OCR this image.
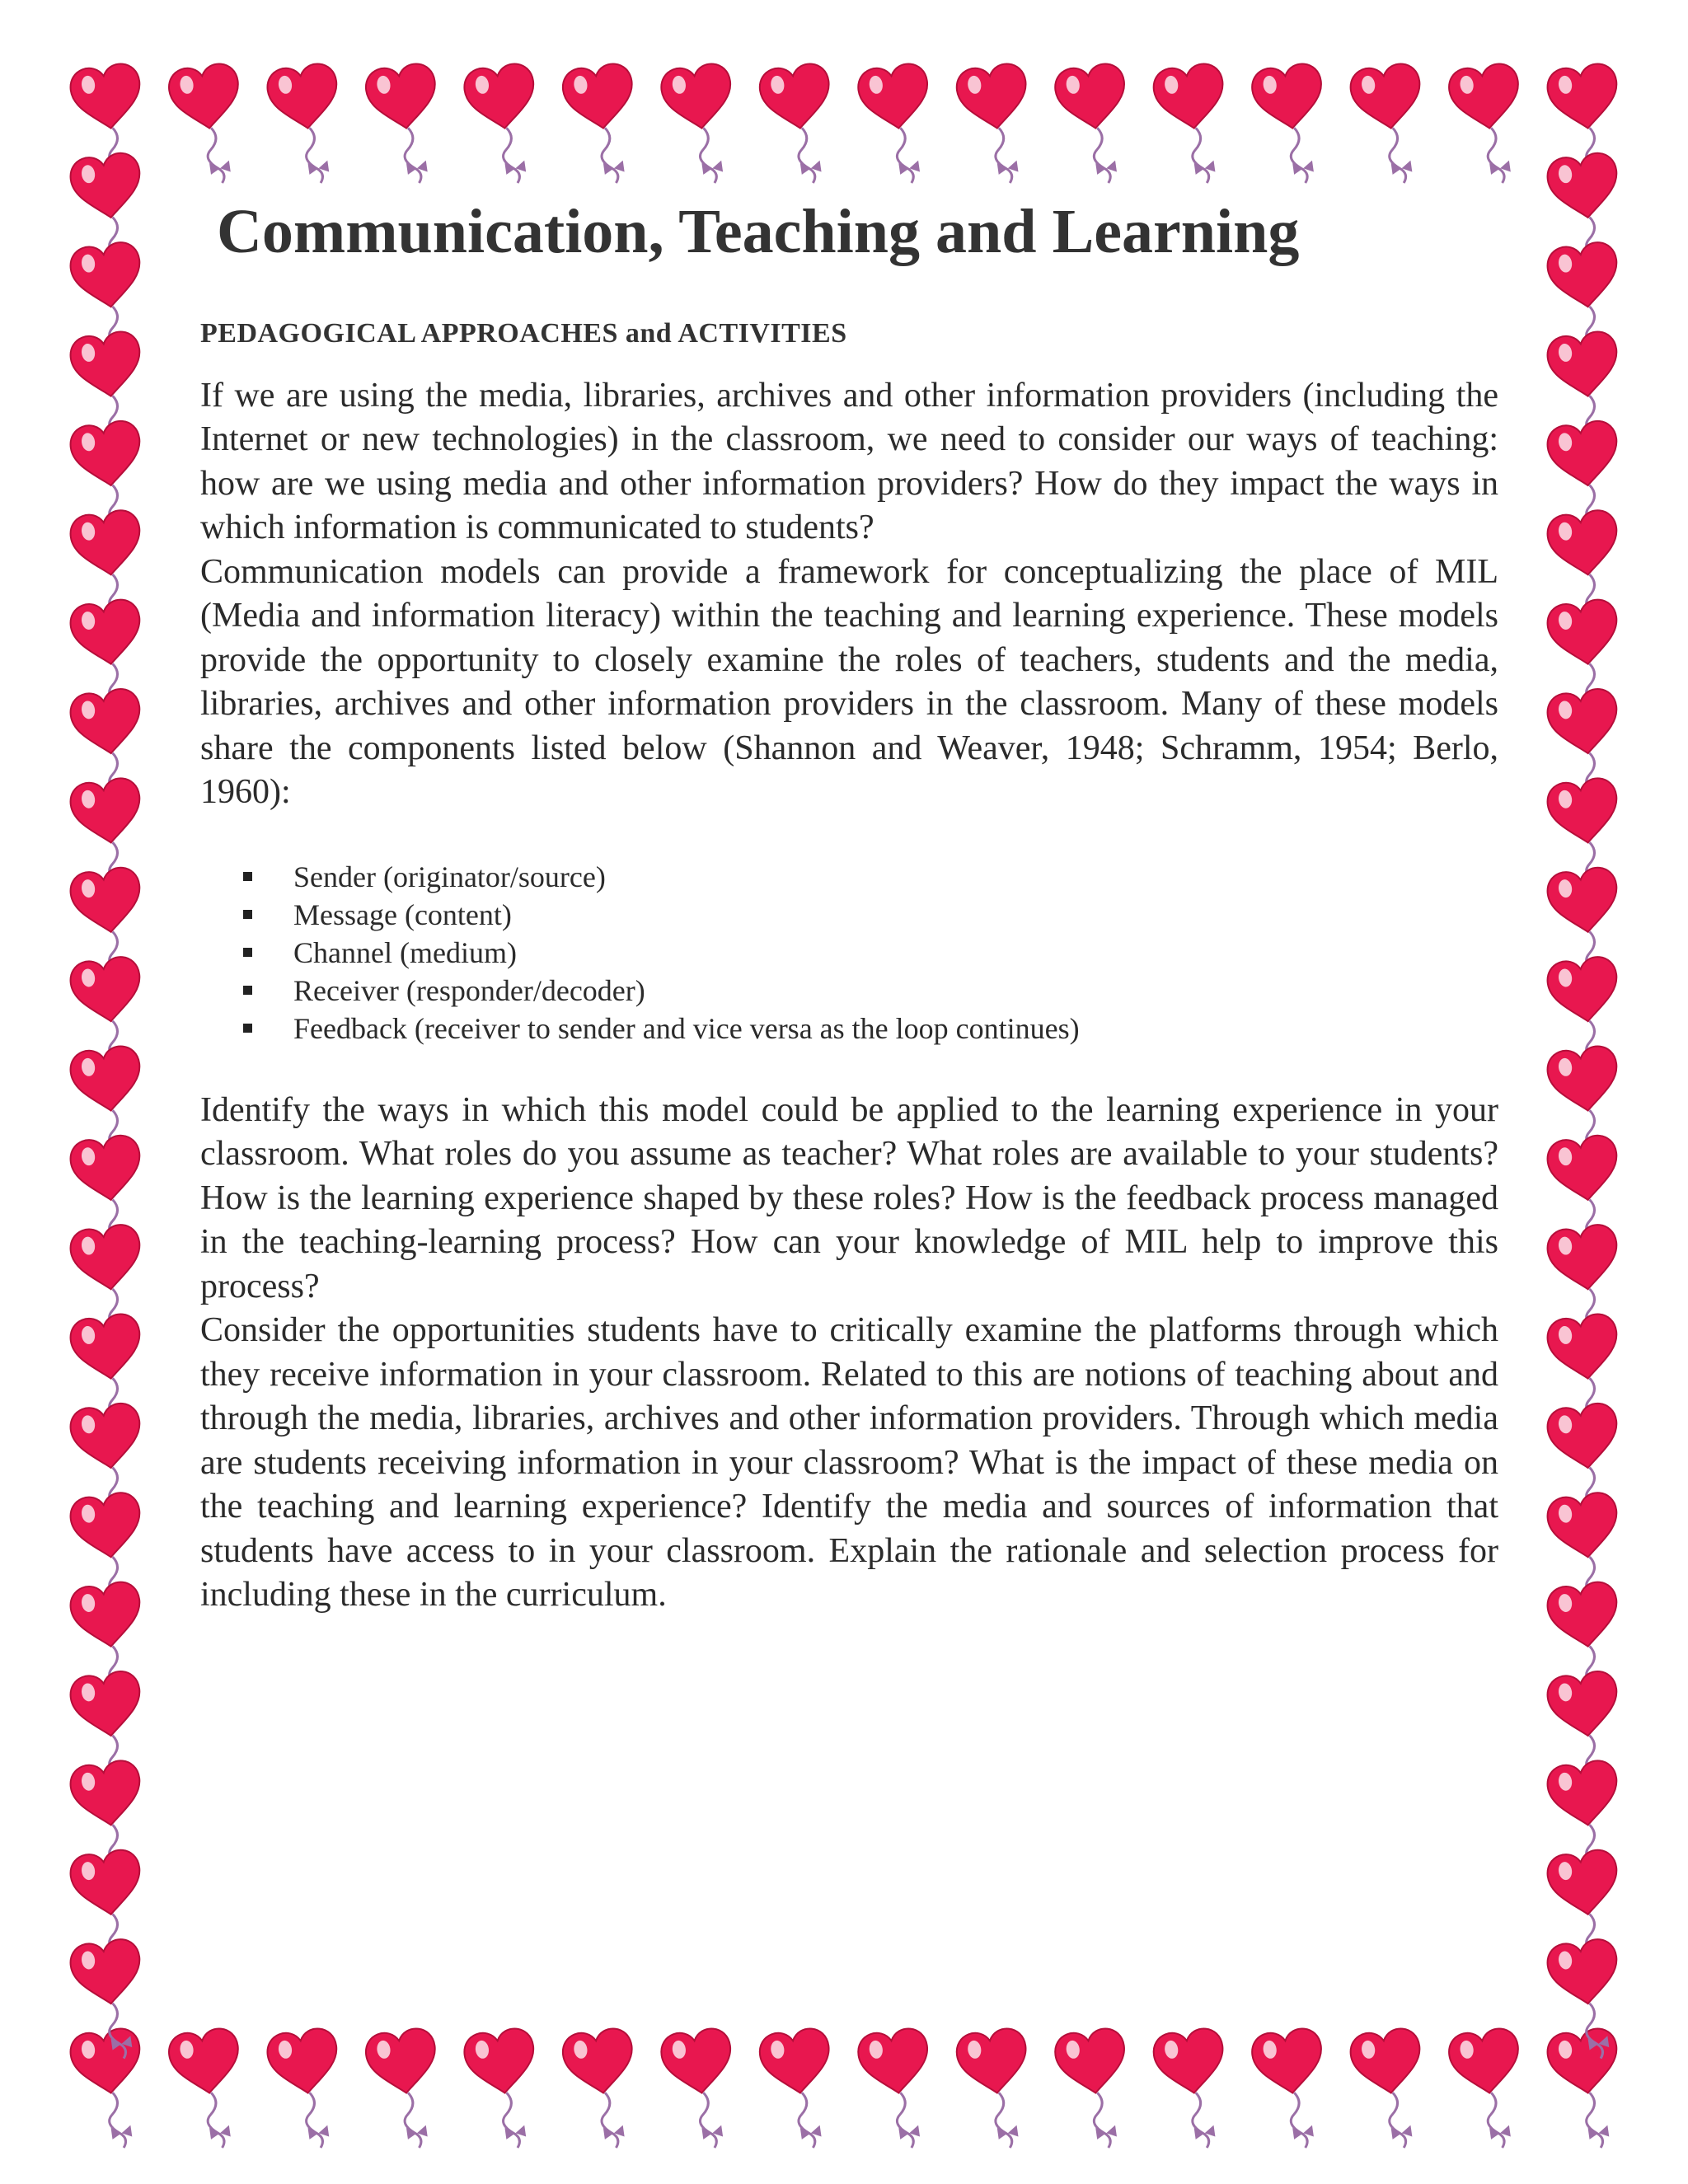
Communication, Teaching and Learning
PEDAGOGICAL APPROACHES and ACTIVITIES

If we are using the media, libraries, archives and other information providers (including the Internet or new technologies) in the classroom, we need to consider our ways of teaching: how are we using media and other information providers? How do they impact the ways in which information is communicated to students?

Communication models can provide a framework for conceptualizing the place of MIL (Media and information literacy) within the teaching and learning experience. These models provide the opportunity to closely examine the roles of teachers, students and the media, libraries, archives and other information providers in the classroom. Many of these models share the components listed below (Shannon and Weaver, 1948; Schramm, 1954; Berlo, 1960):

Sender (originator/source)
Message (content)
Channel (medium)
Receiver (responder/decoder)
Feedback (receiver to sender and vice versa as the loop continues)

Identify the ways in which this model could be applied to the learning experience in your classroom. What roles do you assume as teacher? What roles are available to your students? How is the learning experience shaped by these roles? How is the feedback process managed in the teaching-learning process? How can your knowledge of MIL help to improve this process?

Consider the opportunities students have to critically examine the platforms through which they receive information in your classroom. Related to this are notions of teaching about and through the media, libraries, archives and other information providers. Through which media are students receiving information in your classroom? What is the impact of these media on the teaching and learning experience? Identify the media and sources of information that students have access to in your classroom. Explain the rationale and selection process for including these in the curriculum.
